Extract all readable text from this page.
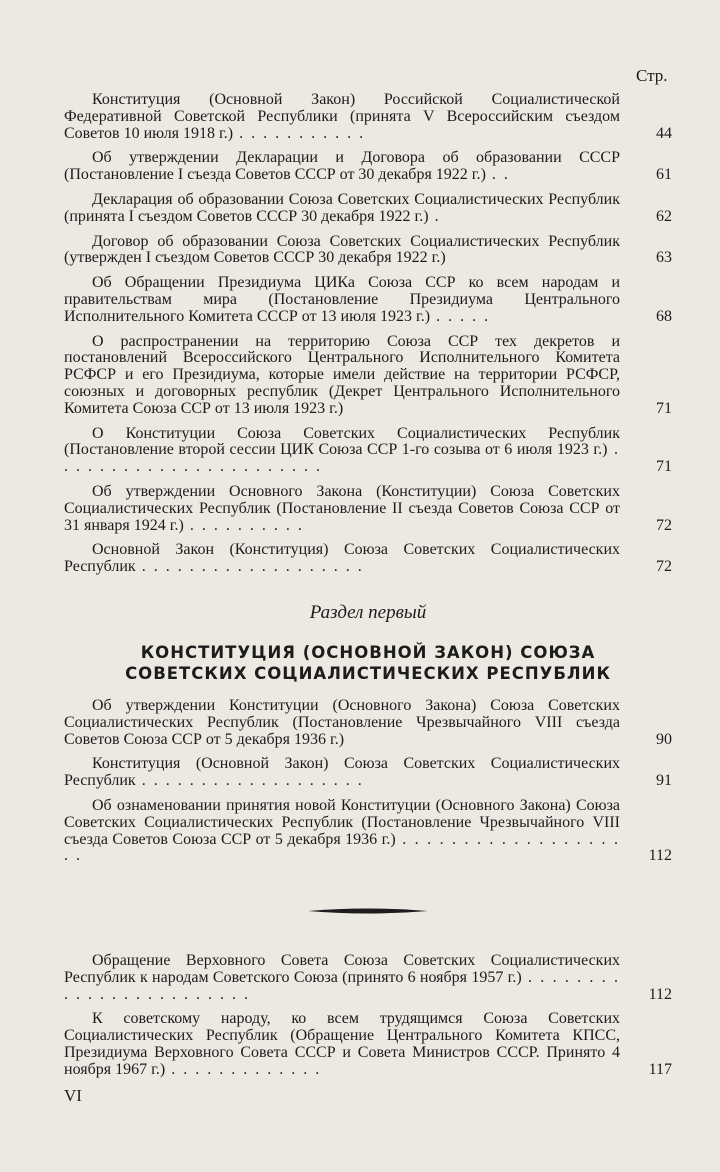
Стр.
Конституция (Основной Закон) Российской Социалистической Федеративной Советской Республики (принята V Всероссийским съездом Советов 10 июля 1918 г.) . . . . . . . . . . .	44
Об утверждении Декларации и Договора об образовании СССР (Постановление I съезда Советов СССР от 30 декабря 1922 г.) . .	61
Декларация об образовании Союза Советских Социалистических Республик (принята I съездом Советов СССР 30 декабря 1922 г.) .	62
Договор об образовании Союза Советских Социалистических Республик (утвержден I съездом Советов СССР 30 декабря 1922 г.)	63
Об Обращении Президиума ЦИКа Союза ССР ко всем народам и правительствам мира (Постановление Президиума Центрального Исполнительного Комитета СССР от 13 июля 1923 г.) . . . . .	68
О распространении на территорию Союза ССР тех декретов и постановлений Всероссийского Центрального Исполнительного Комитета РСФСР и его Президиума, которые имели действие на территории РСФСР, союзных и договорных республик (Декрет Центрального Исполнительного Комитета Союза ССР от 13 июля 1923 г.)	71
О Конституции Союза Советских Социалистических Республик (Постановление второй сессии ЦИК Союза ССР 1-го созыва от 6 июля 1923 г.) . . . . . . . . . . . . . . . . . . . . . . .	71
Об утверждении Основного Закона (Конституции) Союза Советских Социалистических Республик (Постановление II съезда Советов Союза ССР от 31 января 1924 г.) . . . . . . . . . .	72
Основной Закон (Конституция) Союза Советских Социалистических Республик . . . . . . . . . . . . . . . . . . .	72
Раздел первый
КОНСТИТУЦИЯ (ОСНОВНОЙ ЗАКОН) СОЮЗА
СОВЕТСКИХ СОЦИАЛИСТИЧЕСКИХ РЕСПУБЛИК
Об утверждении Конституции (Основного Закона) Союза Советских Социалистических Республик (Постановление Чрезвычайного VIII съезда Советов Союза ССР от 5 декабря 1936 г.)	90
Конституция (Основной Закон) Союза Советских Социалистических Республик . . . . . . . . . . . . . . . . . . .	91
Об ознаменовании принятия новой Конституции (Основного Закона) Союза Советских Социалистических Республик (Постановление Чрезвычайного VIII съезда Советов Союза ССР от 5 декабря 1936 г.) . . . . . . . . . . . . . . . . . . . .	112
Обращение Верховного Совета Союза Советских Социалистических Республик к народам Советского Союза (принято 6 ноября 1957 г.) . . . . . . . . . . . . . . . . . . . . . . . .	112
К советскому народу, ко всем трудящимся Союза Советских Социалистических Республик (Обращение Центрального Комитета КПСС, Президиума Верховного Совета СССР и Совета Министров СССР. Принято 4 ноября 1967 г.) . . . . . . . . . . . . .	117
VI
